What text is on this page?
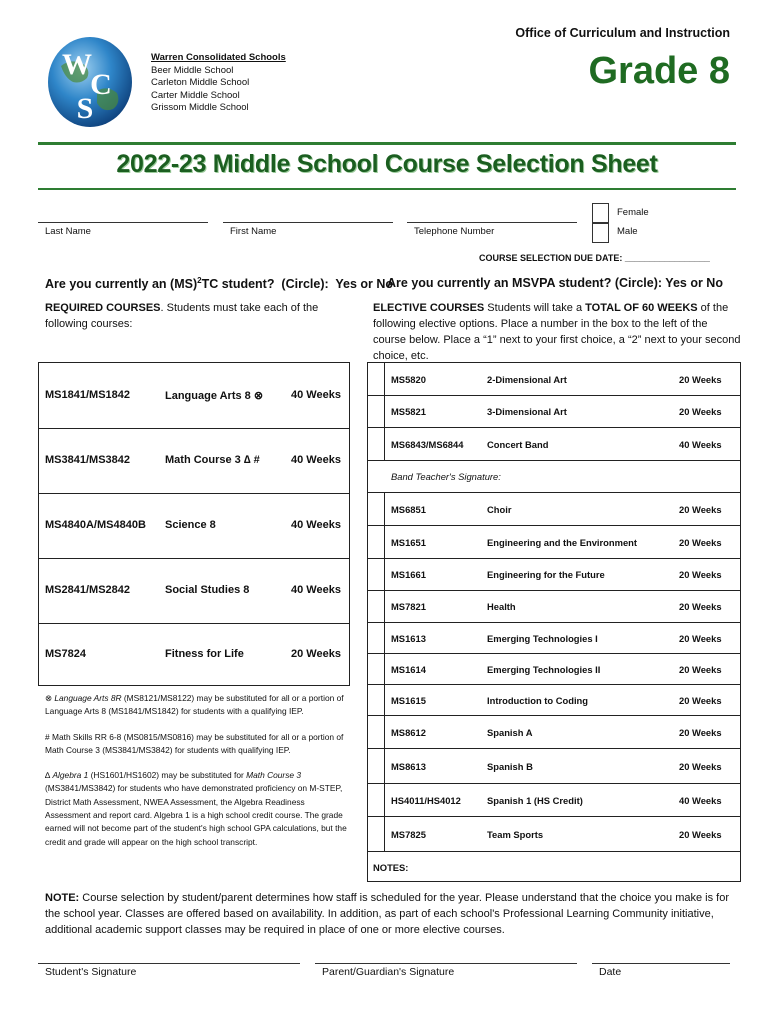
W C S
Warren Consolidated Schools
Beer Middle School
Carleton Middle School
Carter Middle School
Grissom Middle School
Office of Curriculum and Instruction
Grade 8
2022-23 Middle School Course Selection Sheet
Last Name	First Name	Telephone Number
Female
Male
COURSE SELECTION DUE DATE: _________________
Are you currently an (MS)$^2$TC student?  (Circle):  Yes or No
Are you currently an MSVPA student? (Circle): Yes or No
REQUIRED COURSES. Students must take each of the following courses:
ELECTIVE COURSES Students will take a TOTAL OF 60 WEEKS of the following elective options. Place a number in the box to the left of the course below. Place a “1” next to your first choice, a “2” next to your second choice, etc.
MS1841/MS1842	Language Arts 8 ⊗	40 Weeks
MS3841/MS3842	Math Course 3 ∆ #	40 Weeks
MS4840A/MS4840B Science 8	40 Weeks
MS2841/MS2842	Social Studies 8	40 Weeks
MS7824	Fitness for Life	20 Weeks

⊗ Language Arts 8R (MS8121/MS8122) may be substituted for all or a portion of Language Arts 8 (MS1841/MS1842) for students with a qualifying IEP.

# Math Skills RR 6-8 (MS0815/MS0816) may be substituted for all or a portion of Math Course 3 (MS3841/MS3842) for students with qualifying IEP.

∆ Algebra 1 (HS1601/HS1602) may be substituted for Math Course 3 (MS3841/MS3842) for students who have demonstrated proficiency on M-STEP, District Math Assessment, NWEA Assessment, the Algebra Readiness Assessment and report card. Algebra 1 is a high school credit course. The grade earned will not become part of the student's high school GPA calculations, but the credit and grade will appear on the high school transcript.

MS5820	2-Dimensional Art	20 Weeks
MS5821	3-Dimensional Art	20 Weeks
MS6843/MS6844	Concert Band	40 Weeks
Band Teacher's Signature:
MS6851	Choir	20 Weeks
MS1651	Engineering and the Environment	20 Weeks
MS1661	Engineering for the Future	20 Weeks
MS7821	Health	20 Weeks
MS1613	Emerging Technologies I	20 Weeks
MS1614	Emerging Technologies II	20 Weeks
MS1615	Introduction to Coding	20 Weeks
MS8612	Spanish A	20 Weeks
MS8613	Spanish B	20 Weeks
HS4011/HS4012	Spanish 1 (HS Credit)	40 Weeks
MS7825	Team Sports	20 Weeks
NOTES:
NOTE: Course selection by student/parent determines how staff is scheduled for the year. Please understand that the choice you make is for the school year. Classes are offered based on availability. In addition, as part of each school's Professional Learning Community initiative, additional academic support classes may be required in place of one or more elective courses.
Student's Signature	Parent/Guardian's Signature	Date
